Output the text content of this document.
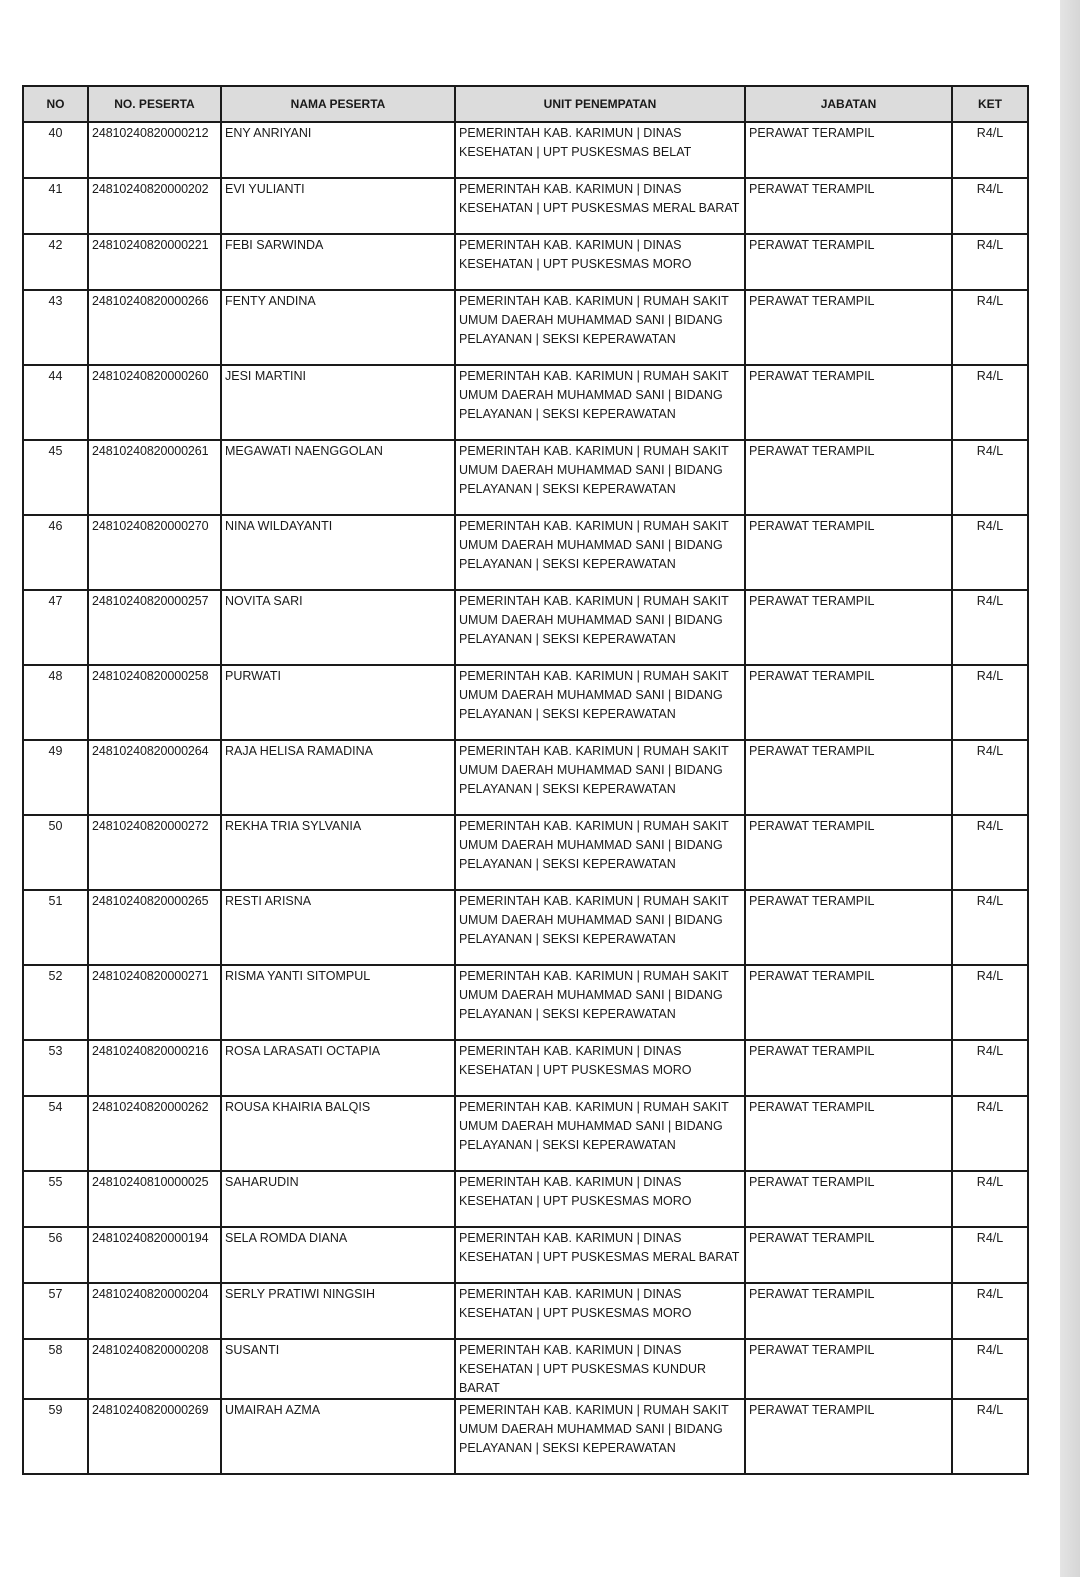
NO	NO. PESERTA	NAMA PESERTA	UNIT PENEMPATAN	JABATAN	KET
40	24810240820000212	ENY ANRIYANI	PEMERINTAH KAB. KARIMUN | DINAS KESEHATAN | UPT PUSKESMAS BELAT	PERAWAT TERAMPIL	R4/L
41	24810240820000202	EVI YULIANTI	PEMERINTAH KAB. KARIMUN | DINAS KESEHATAN | UPT PUSKESMAS MERAL BARAT	PERAWAT TERAMPIL	R4/L
42	24810240820000221	FEBI SARWINDA	PEMERINTAH KAB. KARIMUN | DINAS KESEHATAN | UPT PUSKESMAS MORO	PERAWAT TERAMPIL	R4/L
43	24810240820000266	FENTY ANDINA	PEMERINTAH KAB. KARIMUN | RUMAH SAKIT UMUM DAERAH MUHAMMAD SANI | BIDANG PELAYANAN | SEKSI KEPERAWATAN	PERAWAT TERAMPIL	R4/L
44	24810240820000260	JESI MARTINI	PEMERINTAH KAB. KARIMUN | RUMAH SAKIT UMUM DAERAH MUHAMMAD SANI | BIDANG PELAYANAN | SEKSI KEPERAWATAN	PERAWAT TERAMPIL	R4/L
45	24810240820000261	MEGAWATI NAENGGOLAN	PEMERINTAH KAB. KARIMUN | RUMAH SAKIT UMUM DAERAH MUHAMMAD SANI | BIDANG PELAYANAN | SEKSI KEPERAWATAN	PERAWAT TERAMPIL	R4/L
46	24810240820000270	NINA WILDAYANTI	PEMERINTAH KAB. KARIMUN | RUMAH SAKIT UMUM DAERAH MUHAMMAD SANI | BIDANG PELAYANAN | SEKSI KEPERAWATAN	PERAWAT TERAMPIL	R4/L
47	24810240820000257	NOVITA SARI	PEMERINTAH KAB. KARIMUN | RUMAH SAKIT UMUM DAERAH MUHAMMAD SANI | BIDANG PELAYANAN | SEKSI KEPERAWATAN	PERAWAT TERAMPIL	R4/L
48	24810240820000258	PURWATI	PEMERINTAH KAB. KARIMUN | RUMAH SAKIT UMUM DAERAH MUHAMMAD SANI | BIDANG PELAYANAN | SEKSI KEPERAWATAN	PERAWAT TERAMPIL	R4/L
49	24810240820000264	RAJA HELISA RAMADINA	PEMERINTAH KAB. KARIMUN | RUMAH SAKIT UMUM DAERAH MUHAMMAD SANI | BIDANG PELAYANAN | SEKSI KEPERAWATAN	PERAWAT TERAMPIL	R4/L
50	24810240820000272	REKHA TRIA SYLVANIA	PEMERINTAH KAB. KARIMUN | RUMAH SAKIT UMUM DAERAH MUHAMMAD SANI | BIDANG PELAYANAN | SEKSI KEPERAWATAN	PERAWAT TERAMPIL	R4/L
51	24810240820000265	RESTI ARISNA	PEMERINTAH KAB. KARIMUN | RUMAH SAKIT UMUM DAERAH MUHAMMAD SANI | BIDANG PELAYANAN | SEKSI KEPERAWATAN	PERAWAT TERAMPIL	R4/L
52	24810240820000271	RISMA YANTI SITOMPUL	PEMERINTAH KAB. KARIMUN | RUMAH SAKIT UMUM DAERAH MUHAMMAD SANI | BIDANG PELAYANAN | SEKSI KEPERAWATAN	PERAWAT TERAMPIL	R4/L
53	24810240820000216	ROSA LARASATI OCTAPIA	PEMERINTAH KAB. KARIMUN | DINAS KESEHATAN | UPT PUSKESMAS MORO	PERAWAT TERAMPIL	R4/L
54	24810240820000262	ROUSA KHAIRIA BALQIS	PEMERINTAH KAB. KARIMUN | RUMAH SAKIT UMUM DAERAH MUHAMMAD SANI | BIDANG PELAYANAN | SEKSI KEPERAWATAN	PERAWAT TERAMPIL	R4/L
55	24810240810000025	SAHARUDIN	PEMERINTAH KAB. KARIMUN | DINAS KESEHATAN | UPT PUSKESMAS MORO	PERAWAT TERAMPIL	R4/L
56	24810240820000194	SELA ROMDA DIANA	PEMERINTAH KAB. KARIMUN | DINAS KESEHATAN | UPT PUSKESMAS MERAL BARAT	PERAWAT TERAMPIL	R4/L
57	24810240820000204	SERLY PRATIWI NINGSIH	PEMERINTAH KAB. KARIMUN | DINAS KESEHATAN | UPT PUSKESMAS MORO	PERAWAT TERAMPIL	R4/L
58	24810240820000208	SUSANTI	PEMERINTAH KAB. KARIMUN | DINAS KESEHATAN | UPT PUSKESMAS KUNDUR BARAT	PERAWAT TERAMPIL	R4/L
59	24810240820000269	UMAIRAH AZMA	PEMERINTAH KAB. KARIMUN | RUMAH SAKIT UMUM DAERAH MUHAMMAD SANI | BIDANG PELAYANAN | SEKSI KEPERAWATAN	PERAWAT TERAMPIL	R4/L
